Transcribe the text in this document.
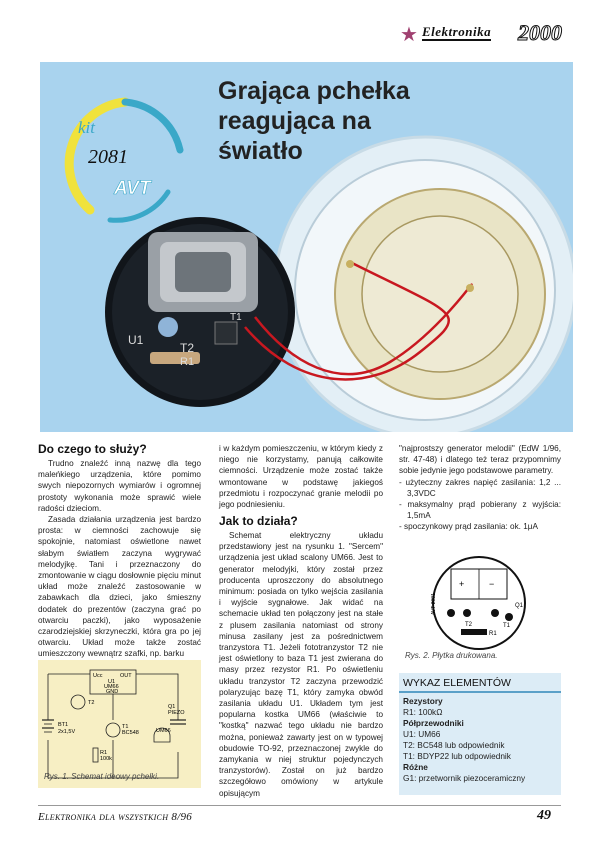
★ Elektronika 2000
U1
T2
R1
T1
kit
2081
AVT
Grająca pchełka
reagująca na
światło
Do czego to służy?

Trudno znaleźć inną nazwę dla tego maleńkiego urządzenia, które pomimo swych niepozornych wymiarów i ogromnej prostoty wykonania może sprawić wiele radości dzieciom.

Zasada działania urządzenia jest bardzo prosta: w ciemności zachowuje się spokojnie, natomiast oświetlone nawet słabym światłem zaczyna wygrywać melodyjkę. Tani i przeznaczony do zmontowanie w ciągu dosłownie pięciu minut układ może znaleźć zastosowanie w zabawkach dla dzieci, jako śmieszny dodatek do prezentów (zaczyna grać po otwarciu paczki), jako wyposażenie czarodziejskiej skrzyneczki, która gra po jej otwarciu. Układ może także zostać umieszczony wewnątrz szafki, np. barku

Ucc	OUT
U1
UM66
GND
BT1
2x1,5V
T2
T1
BC548
R1
100k
Q1
PIEZO
UM66
Rys. 1. Schemat ideowy pchełki.

i w każdym pomieszczeniu, w którym kiedy z niego nie korzystamy, panują całkowite ciemności. Urządzenie może zostać także wmontowane w podstawę jakiegoś przedmiotu i rozpoczynać granie melodii po jego podniesieniu.

Jak to działa?

Schemat elektryczny układu przedstawiony jest na rysunku 1. "Sercem" urządzenia jest układ scalony UM66. Jest to generator melodyjki, który został przez producenta uproszczony do absolutnego minimum: posiada on tylko wejścia zasilania i wyjście sygnałowe. Jak widać na schemacie układ ten połączony jest na stałe z plusem zasilania natomiast od strony minusa zasilany jest za pośrednictwem tranzystora T1. Jeżeli fototranzystor T2 nie jest oświetlony to baza T1 jest zwierana do masy przez rezystor R1. Po oświetleniu układu tranzystor T2 zaczyna przewodzić polaryzując bazę T1, który zamyka obwód zasilania układu U1. Układem tym jest popularna kostka UM66 (właściwie to "kostką" nazwać tego układu nie bardzo można, ponieważ zawarty jest on w typowej obudowie TO-92, przeznaczonej zwykle do zamykania w niej struktur pojedynczych tranzystorów). Został on już bardzo szczegółowo omówiony w artykule opisującym

"najprostszy generator melodii" (EdW 1/96, str. 47-48) i dlatego też teraz przypomnimy sobie jedynie jego podstawowe parametry.

- użyteczny zakres napięć zasilania: 1,2 ... 3,3VDC
- maksymalny prąd pobierany z wyjścia: 1,5mA
- spoczynkowy prąd zasilania: ok. 1μA
+	−
AVT-2081	Q1
T2
R1
T1
Rys. 2. Płytka drukowana.
WYKAZ ELEMENTÓW
Rezystory
R1: 100kΩ
Półprzewodniki
U1: UM66
T2: BC548 lub odpowiednik
T1: BDYP22 lub odpowiednik
Różne
G1: przetwornik piezoceramiczny
Elektronika dla wszystkich 8/96	49
